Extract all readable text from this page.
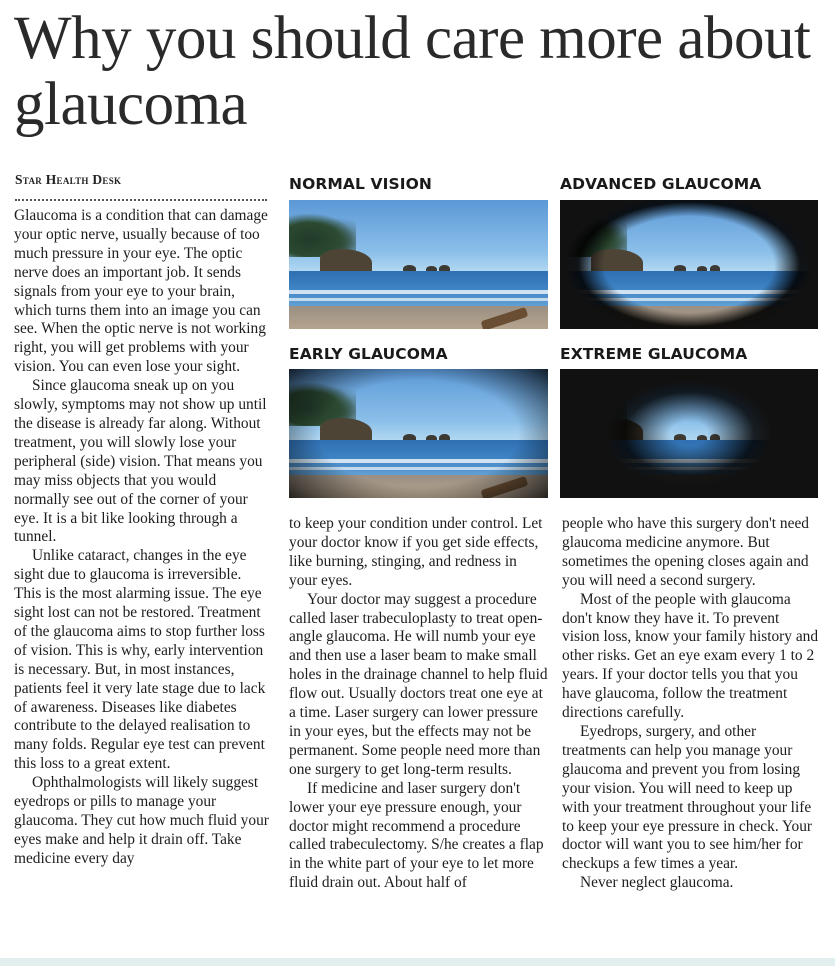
Why you should care more about glaucoma
Star Health Desk	NORMAL VISION	ADVANCED GLAUCOMA
EARLY GLAUCOMA	EXTREME GLAUCOMA

Glaucoma is a condition that can damage your optic nerve, usually because of too much pressure in your eye. The optic nerve does an important job. It sends signals from your eye to your brain, which turns them into an image you can see. When the optic nerve is not working right, you will get problems with your vision. You can even lose your sight.

Since glaucoma sneak up on you slowly, symptoms may not show up until the disease is already far along. Without treatment, you will slowly lose your peripheral (side) vision. That means you may miss objects that you would normally see out of the corner of your eye. It is a bit like looking through a tunnel.

Unlike cataract, changes in the eye sight due to glaucoma is irreversible. This is the most alarming issue. The eye sight lost can not be restored. Treatment of the glaucoma aims to stop further loss of vision. This is why, early intervention is necessary. But, in most instances, patients feel it very late stage due to lack of awareness. Diseases like diabetes contribute to the delayed realisation to many folds. Regular eye test can prevent this loss to a great extent.

Ophthalmologists will likely suggest eyedrops or pills to manage your glaucoma. They cut how much fluid your eyes make and help it drain off. Take medicine every day

to keep your condition under control. Let your doctor know if you get side effects, like burning, stinging, and redness in your eyes.

Your doctor may suggest a procedure called laser trabeculoplasty to treat open-angle glaucoma. He will numb your eye and then use a laser beam to make small holes in the drainage channel to help fluid flow out. Usually doctors treat one eye at a time. Laser surgery can lower pressure in your eyes, but the effects may not be permanent. Some people need more than one surgery to get long-term results.

If medicine and laser surgery don't lower your eye pressure enough, your doctor might recommend a procedure called trabeculectomy. S/he creates a flap in the white part of your eye to let more fluid drain out. About half of

people who have this surgery don't need glaucoma medicine anymore. But sometimes the opening closes again and you will need a second surgery.

Most of the people with glaucoma don't know they have it. To prevent vision loss, know your family history and other risks. Get an eye exam every 1 to 2 years. If your doctor tells you that you have glaucoma, follow the treatment directions carefully.

Eyedrops, surgery, and other treatments can help you manage your glaucoma and prevent you from losing your vision. You will need to keep up with your treatment throughout your life to keep your eye pressure in check. Your doctor will want you to see him/her for checkups a few times a year.

Never neglect glaucoma.
